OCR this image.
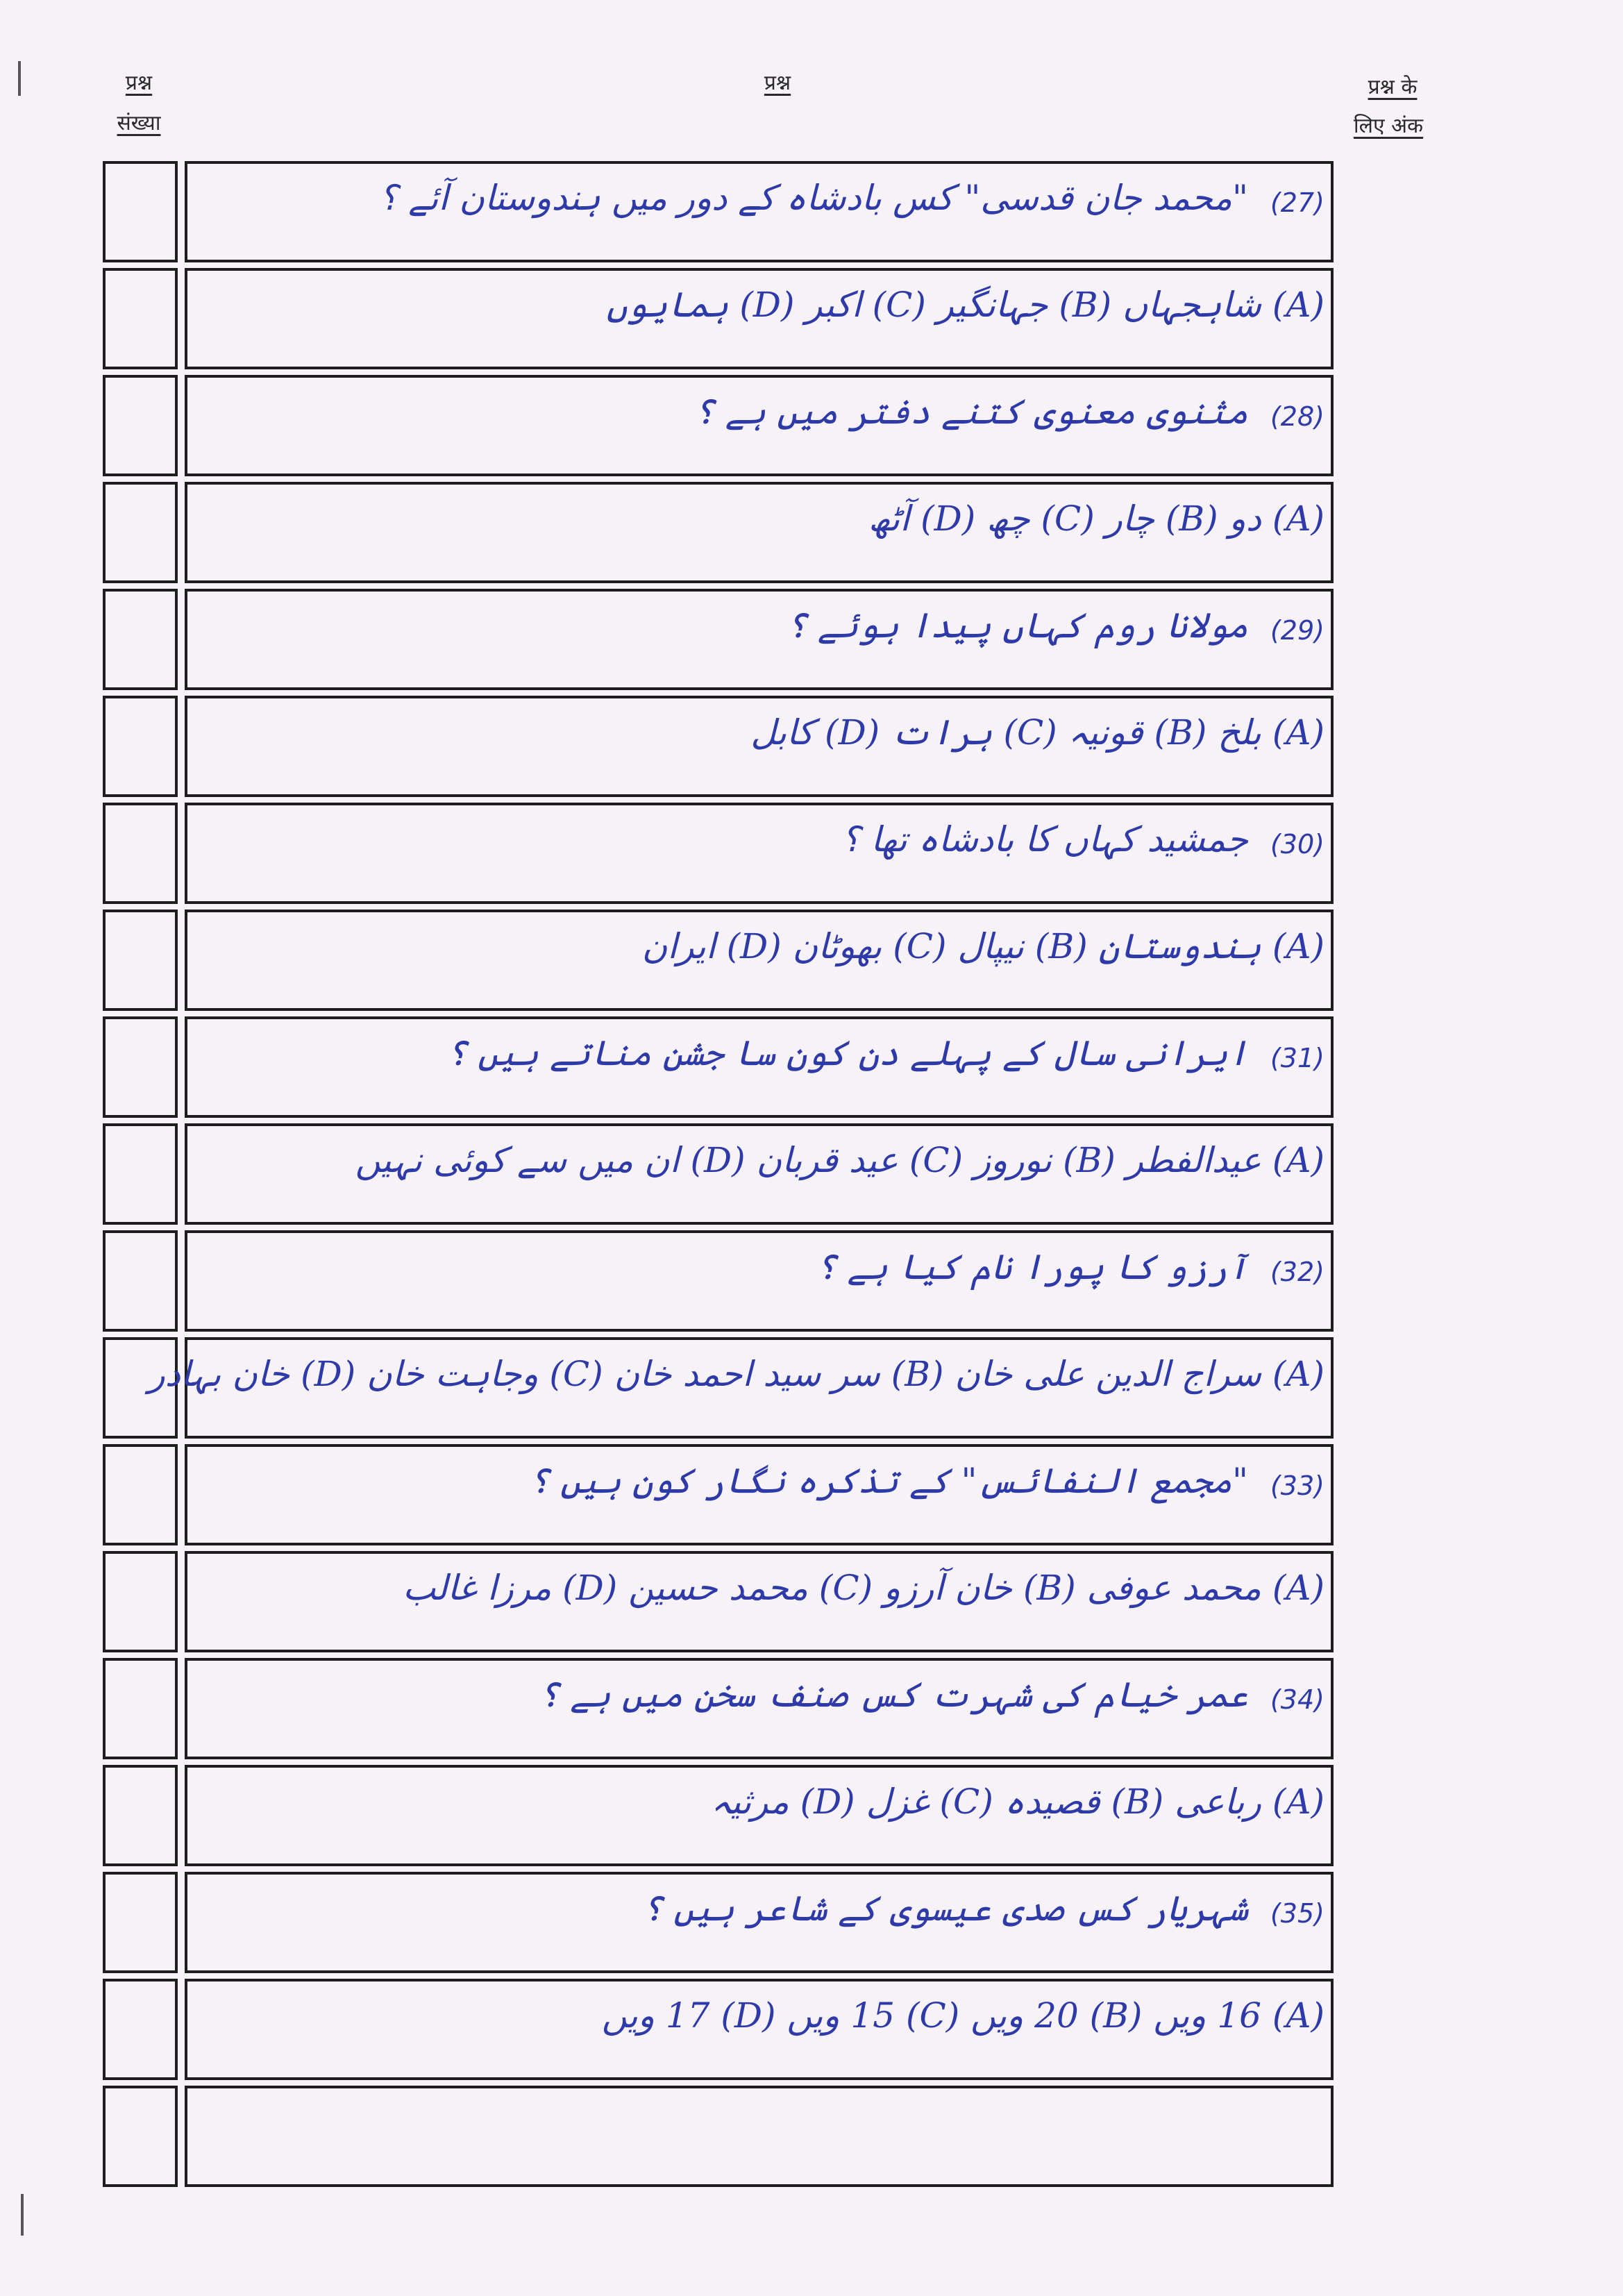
प्रश्न
संख्या
प्रश्न	प्रश्न के
लिए अंक
(27)
"محمد جان قدسی" کس بادشاہ کے دور میں ہندوستان آئے ؟
(A) شاہجہاں (B) جہانگیر (C) اکبر (D) ہمایوں
(28)
مثنوی معنوی کتنے دفتر میں ہے ؟
(A) دو (B) چار (C) چھ (D) آٹھ
(29)
مولانا روم کہاں پیدا ہوئے ؟
(A) بلخ (B) قونیہ (C) ہرات (D) کابل
(30)
جمشید کہاں کا بادشاہ تھا ؟
(A) ہندوستان (B) نیپال (C) بھوٹان (D) ایران
(31)
ایرانی سال کے پہلے دن کون سا جشن مناتے ہیں ؟
(A) عیدالفطر (B) نوروز (C) عید قربان (D) ان میں سے کوئی نہیں
(32)
آرزو کا پورا نام کیا ہے ؟
(A) سراج الدین علی خان (B) سر سید احمد خان (C) وجاہت خان (D) خان بہادر
(33)
"مجمع النفائس" کے تذکرہ نگار کون ہیں ؟
(A) محمد عوفی (B) خان آرزو (C) محمد حسین (D) مرزا غالب
(34)
عمر خیام کی شہرت کس صنف سخن میں ہے ؟
(A) رباعی (B) قصیدہ (C) غزل (D) مرثیہ
(35)
شہریار کس صدی عیسوی کے شاعر ہیں ؟
(A) 16 ویں (B) 20 ویں (C) 15 ویں (D) 17 ویں
